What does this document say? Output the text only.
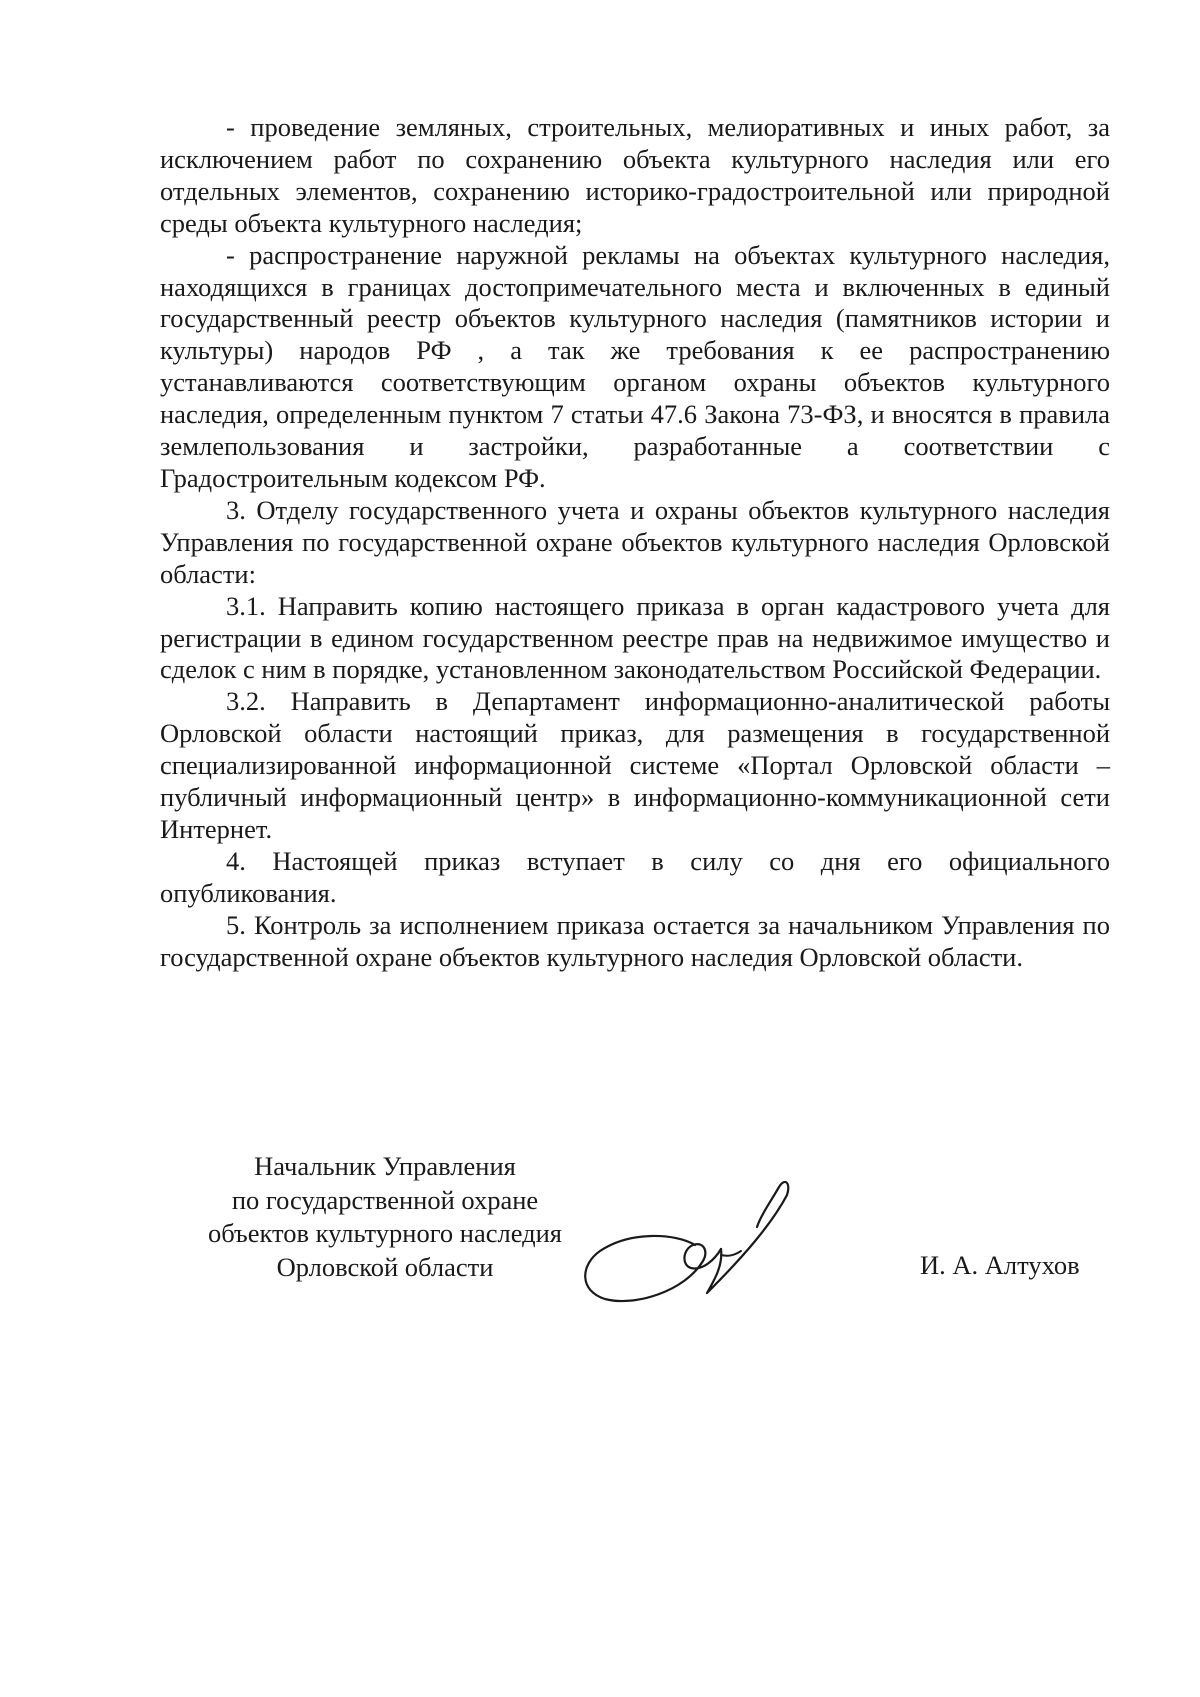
- проведение земляных, строительных, мелиоративных и иных работ, за исключением работ по сохранению объекта культурного наследия или его отдельных элементов, сохранению историко-градостроительной или природной среды объекта культурного наследия;

- распространение наружной рекламы на объектах культурного наследия, находящихся в границах достопримечательного места и включенных в единый государственный реестр объектов культурного наследия (памятников истории и культуры) народов РФ , а так же требования к ее распространению устанавливаются соответствующим органом охраны объектов культурного наследия, определенным пунктом 7 статьи 47.6 Закона 73-ФЗ, и вносятся в правила землепользования и застройки, разработанные а соответствии с Градостроительным кодексом РФ.

3. Отделу государственного учета и охраны объектов культурного наследия Управления по государственной охране объектов культурного наследия Орловской области:

3.1. Направить копию настоящего приказа в орган кадастрового учета для регистрации в едином государственном реестре прав на недвижимое имущество и сделок с ним в порядке, установленном законодательством Российской Федерации.

3.2. Направить в Департамент информационно-аналитической работы Орловской области настоящий приказ, для размещения в государственной специализированной информационной системе «Портал Орловской области – публичный информационный центр» в информационно-коммуникационной сети Интернет.

4. Настоящей приказ вступает в силу со дня его официального опубликования.

5. Контроль за исполнением приказа остается за начальником Управления по государственной охране объектов культурного наследия Орловской области.

Начальник Управления
по государственной охране
объектов культурного наследия
Орловской области	И. А. Алтухов
